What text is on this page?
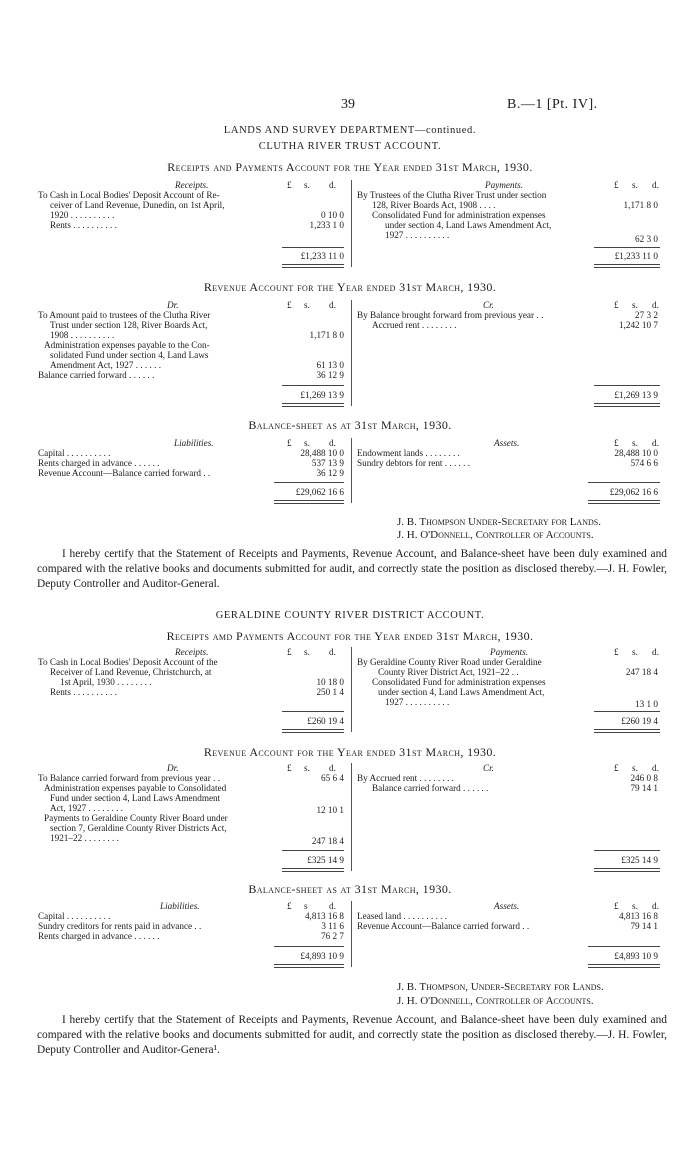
39	B.—1 [Pt. IV].
LANDS AND SURVEY DEPARTMENT—continued.
CLUTHA RIVER TRUST ACCOUNT.
Receipts and Payments Account for the Year ended 31st March, 1930.
Receipts.	£ s. d.
To Cash in Local Bodies' Deposit Account of Re-
ceiver of Land Revenue, Dunedin, on 1st April,
1920 . . . . . . . . . .	0 10 0
Rents . . . . . . . . . .	1,233 1 0
£1,233 11 0
Payments.	£ s. d.
By Trustees of the Clutha River Trust under section
128, River Boards Act, 1908 . . . .	1,171 8 0
Consolidated Fund for administration expenses
under section 4, Land Laws Amendment Act,
1927 . . . . . . . . . .	62 3 0
£1,233 11 0
Revenue Account for the Year ended 31st March, 1930.
Dr.	£ s. d.
To Amount paid to trustees of the Clutha River
Trust under section 128, River Boards Act,
1908 . . . . . . . . . .	1,171 8 0
Administration expenses payable to the Con-
solidated Fund under section 4, Land Laws
Amendment Act, 1927 . . . . . .	61 13 0
Balance carried forward . . . . . .	36 12 9
£1,269 13 9
Cr.	£ s. d.
By Balance brought forward from previous year . .	27 3 2
Accrued rent . . . . . . . .	1,242 10 7
£1,269 13 9
Balance-sheet as at 31st March, 1930.
Liabilities.	£ s. d.
Capital . . . . . . . . . .	28,488 10 0
Rents charged in advance . . . . . .	537 13 9
Revenue Account—Balance carried forward . .	36 12 9
£29,062 16 6
Assets.	£ s. d.
Endowment lands . . . . . . . .	28,488 10 0
Sundry debtors for rent . . . . . .	574 6 6
£29,062 16 6
J. B. Thompson Under-Secretary for Lands.
J. H. O'Donnell, Controller of Accounts.
I hereby certify that the Statement of Receipts and Payments, Revenue Account, and Balance-sheet have been duly examined and compared with the relative books and documents submitted for audit, and correctly state the position as disclosed thereby.—J. H. Fowler, Deputy Controller and Auditor-General.
GERALDINE COUNTY RIVER DISTRICT ACCOUNT.
Receipts amd Payments Account for the Year ended 31st March, 1930.
Receipts.	£ s. d.
To Cash in Local Bodies' Deposit Account of the
Receiver of Land Revenue, Christchurch, at
1st April, 1930 . . . . . . . .	10 18 0
Rents . . . . . . . . . .	250 1 4
£260 19 4
Payments.	£ s. d.
By Geraldine County River Road under Geraldine
County River District Act, 1921–22 . .	247 18 4
Consolidated Fund for administration expenses
under section 4, Land Laws Amendment Act,
1927 . . . . . . . . . .	13 1 0
£260 19 4
Revenue Account for the Year ended 31st March, 1930.
Dr.	£ s. d.
To Balance carried forward from previous year . .	65 6 4
Administration expenses payable to Consolidated
Fund under section 4, Land Laws Amendment
Act, 1927 . . . . . . . .	12 10 1
Payments to Geraldine County River Board under
section 7, Geraldine County River Districts Act,
1921–22 . . . . . . . .	247 18 4
£325 14 9
Cr.	£ s. d.
By Accrued rent . . . . . . . .	246 0 8
Balance carried forward . . . . . .	79 14 1
£325 14 9
Balance-sheet as at 31st March, 1930.
Liabilities.	£ s d.
Capital . . . . . . . . . .	4,813 16 8
Sundry creditors for rents paid in advance . .	3 11 6
Rents charged in advance . . . . . .	76 2 7
£4,893 10 9
Assets.	£ s. d.
Leased land . . . . . . . . . .	4,813 16 8
Revenue Account—Balance carried forward . .	79 14 1
£4,893 10 9
J. B. Thompson, Under-Secretary for Lands.
J. H. O'Donnell, Controller of Accounts.
I hereby certify that the Statement of Receipts and Payments, Revenue Account, and Balance-sheet have been duly examined and compared with the relative books and documents submitted for audit, and correctly state the position as disclosed thereby.—J. H. Fowler, Deputy Controller and Auditor-Genera¹.
